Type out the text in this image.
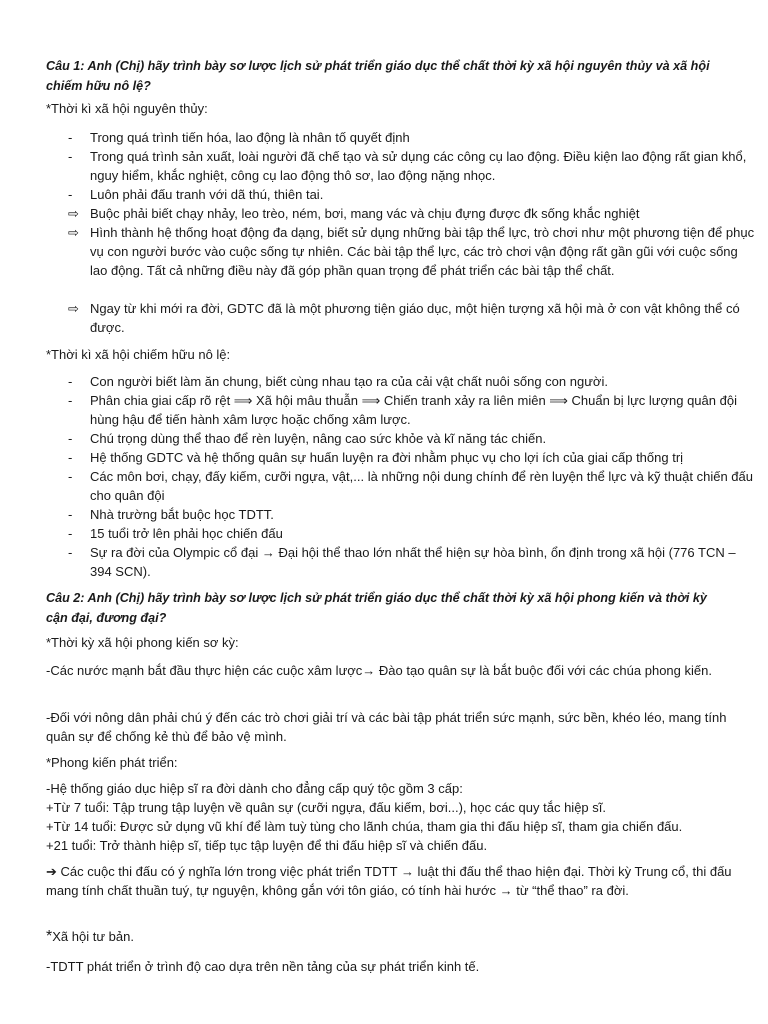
Câu 1: Anh (Chị) hãy trình bày sơ lược lịch sử phát triển giáo dục thể chất thời kỳ xã hội nguyên thủy và xã hội chiếm hữu nô lệ?

*Thời kì xã hội nguyên thủy:

-	Trong quá trình tiến hóa, lao động là nhân tố quyết định
-	Trong quá trình sản xuất, loài người đã chế tạo và sử dụng các công cụ lao động. Điều kiện lao động rất gian khổ, nguy hiểm, khắc nghiệt, công cụ lao động thô sơ, lao động nặng nhọc.
-	Luôn phải đấu tranh với dã thú, thiên tai.
⇨ Buộc phải biết chạy nhảy, leo trèo, ném, bơi, mang vác và chịu đựng được đk sống khắc nghiệt
⇨ Hình thành hệ thống hoạt động đa dạng, biết sử dụng những bài tập thể lực, trò chơi như một phương tiện để phục vụ con người bước vào cuộc sống tự nhiên. Các bài tập thể lực, các trò chơi vận động rất gần gũi với cuộc sống lao động. Tất cả những điều này đã góp phần quan trọng để phát triển các bài tập thể chất.
⇨ Ngay từ khi mới ra đời, GDTC đã là một phương tiện giáo dục, một hiện tượng xã hội mà ở con vật không thể có được.

*Thời kì xã hội chiếm hữu nô lệ:

-	Con người biết làm ăn chung, biết cùng nhau tạo ra của cải vật chất nuôi sống con người.
-	Phân chia giai cấp rõ rệt ⟹ Xã hội mâu thuẫn ⟹ Chiến tranh xảy ra liên miên ⟹ Chuẩn bị lực lượng quân đội hùng hậu để tiến hành xâm lược hoặc chống xâm lược.
-	Chú trọng dùng thể thao để rèn luyện, nâng cao sức khỏe và kĩ năng tác chiến.
-	Hệ thống GDTC và hệ thống quân sự huấn luyện ra đời nhằm phục vụ cho lợi ích của giai cấp thống trị
-	Các môn bơi, chạy, đấy kiếm, cưỡi ngựa, vật,... là những nội dung chính để rèn luyện thể lực và kỹ thuật chiến đấu cho quân đội
-	Nhà trường bắt buộc học TDTT.
-	15 tuổi trở lên phải học chiến đấu
-	Sự ra đời của Olympic cổ đại → Đại hội thể thao lớn nhất thể hiện sự hòa bình, ổn định trong xã hội (776 TCN – 394 SCN).

Câu 2: Anh (Chị) hãy trình bày sơ lược lịch sử phát triển giáo dục thể chất thời kỳ xã hội phong kiến và thời kỳ cận đại, đương đại?

*Thời kỳ xã hội phong kiến sơ kỳ:

-Các nước mạnh bắt đầu thực hiện các cuộc xâm lược→ Đào tạo quân sự là bắt buộc đối với các chúa phong kiến.

-Đối với nông dân phải chú ý đến các trò chơi giải trí và các bài tập phát triển sức mạnh, sức bền, khéo léo, mang tính quân sự để chống kẻ thù để bảo vệ mình.

*Phong kiến phát triển:

-Hệ thống giáo dục hiệp sĩ ra đời dành cho đẳng cấp quý tộc gồm 3 cấp:

+Từ 7 tuổi: Tập trung tập luyện về quân sự (cưỡi ngựa, đấu kiếm, bơi...), học các quy tắc hiệp sĩ.

+Từ 14 tuổi: Được sử dụng vũ khí để làm tuỳ tùng cho lãnh chúa, tham gia thi đấu hiệp sĩ, tham gia chiến đấu.

+21 tuổi: Trở thành hiệp sĩ, tiếp tục tập luyện để thi đấu hiệp sĩ và chiến đấu.

➔ Các cuộc thi đấu có ý nghĩa lớn trong việc phát triển TDTT → luật thi đấu thể thao hiện đại. Thời kỳ Trung cổ, thi đấu mang tính chất thuần tuý, tự nguyện, không gắn với tôn giáo, có tính hài hước → từ “thể thao” ra đời.

*Xã hội tư bản.

-TDTT phát triển ở trình độ cao dựa trên nền tảng của sự phát triển kinh tế.
